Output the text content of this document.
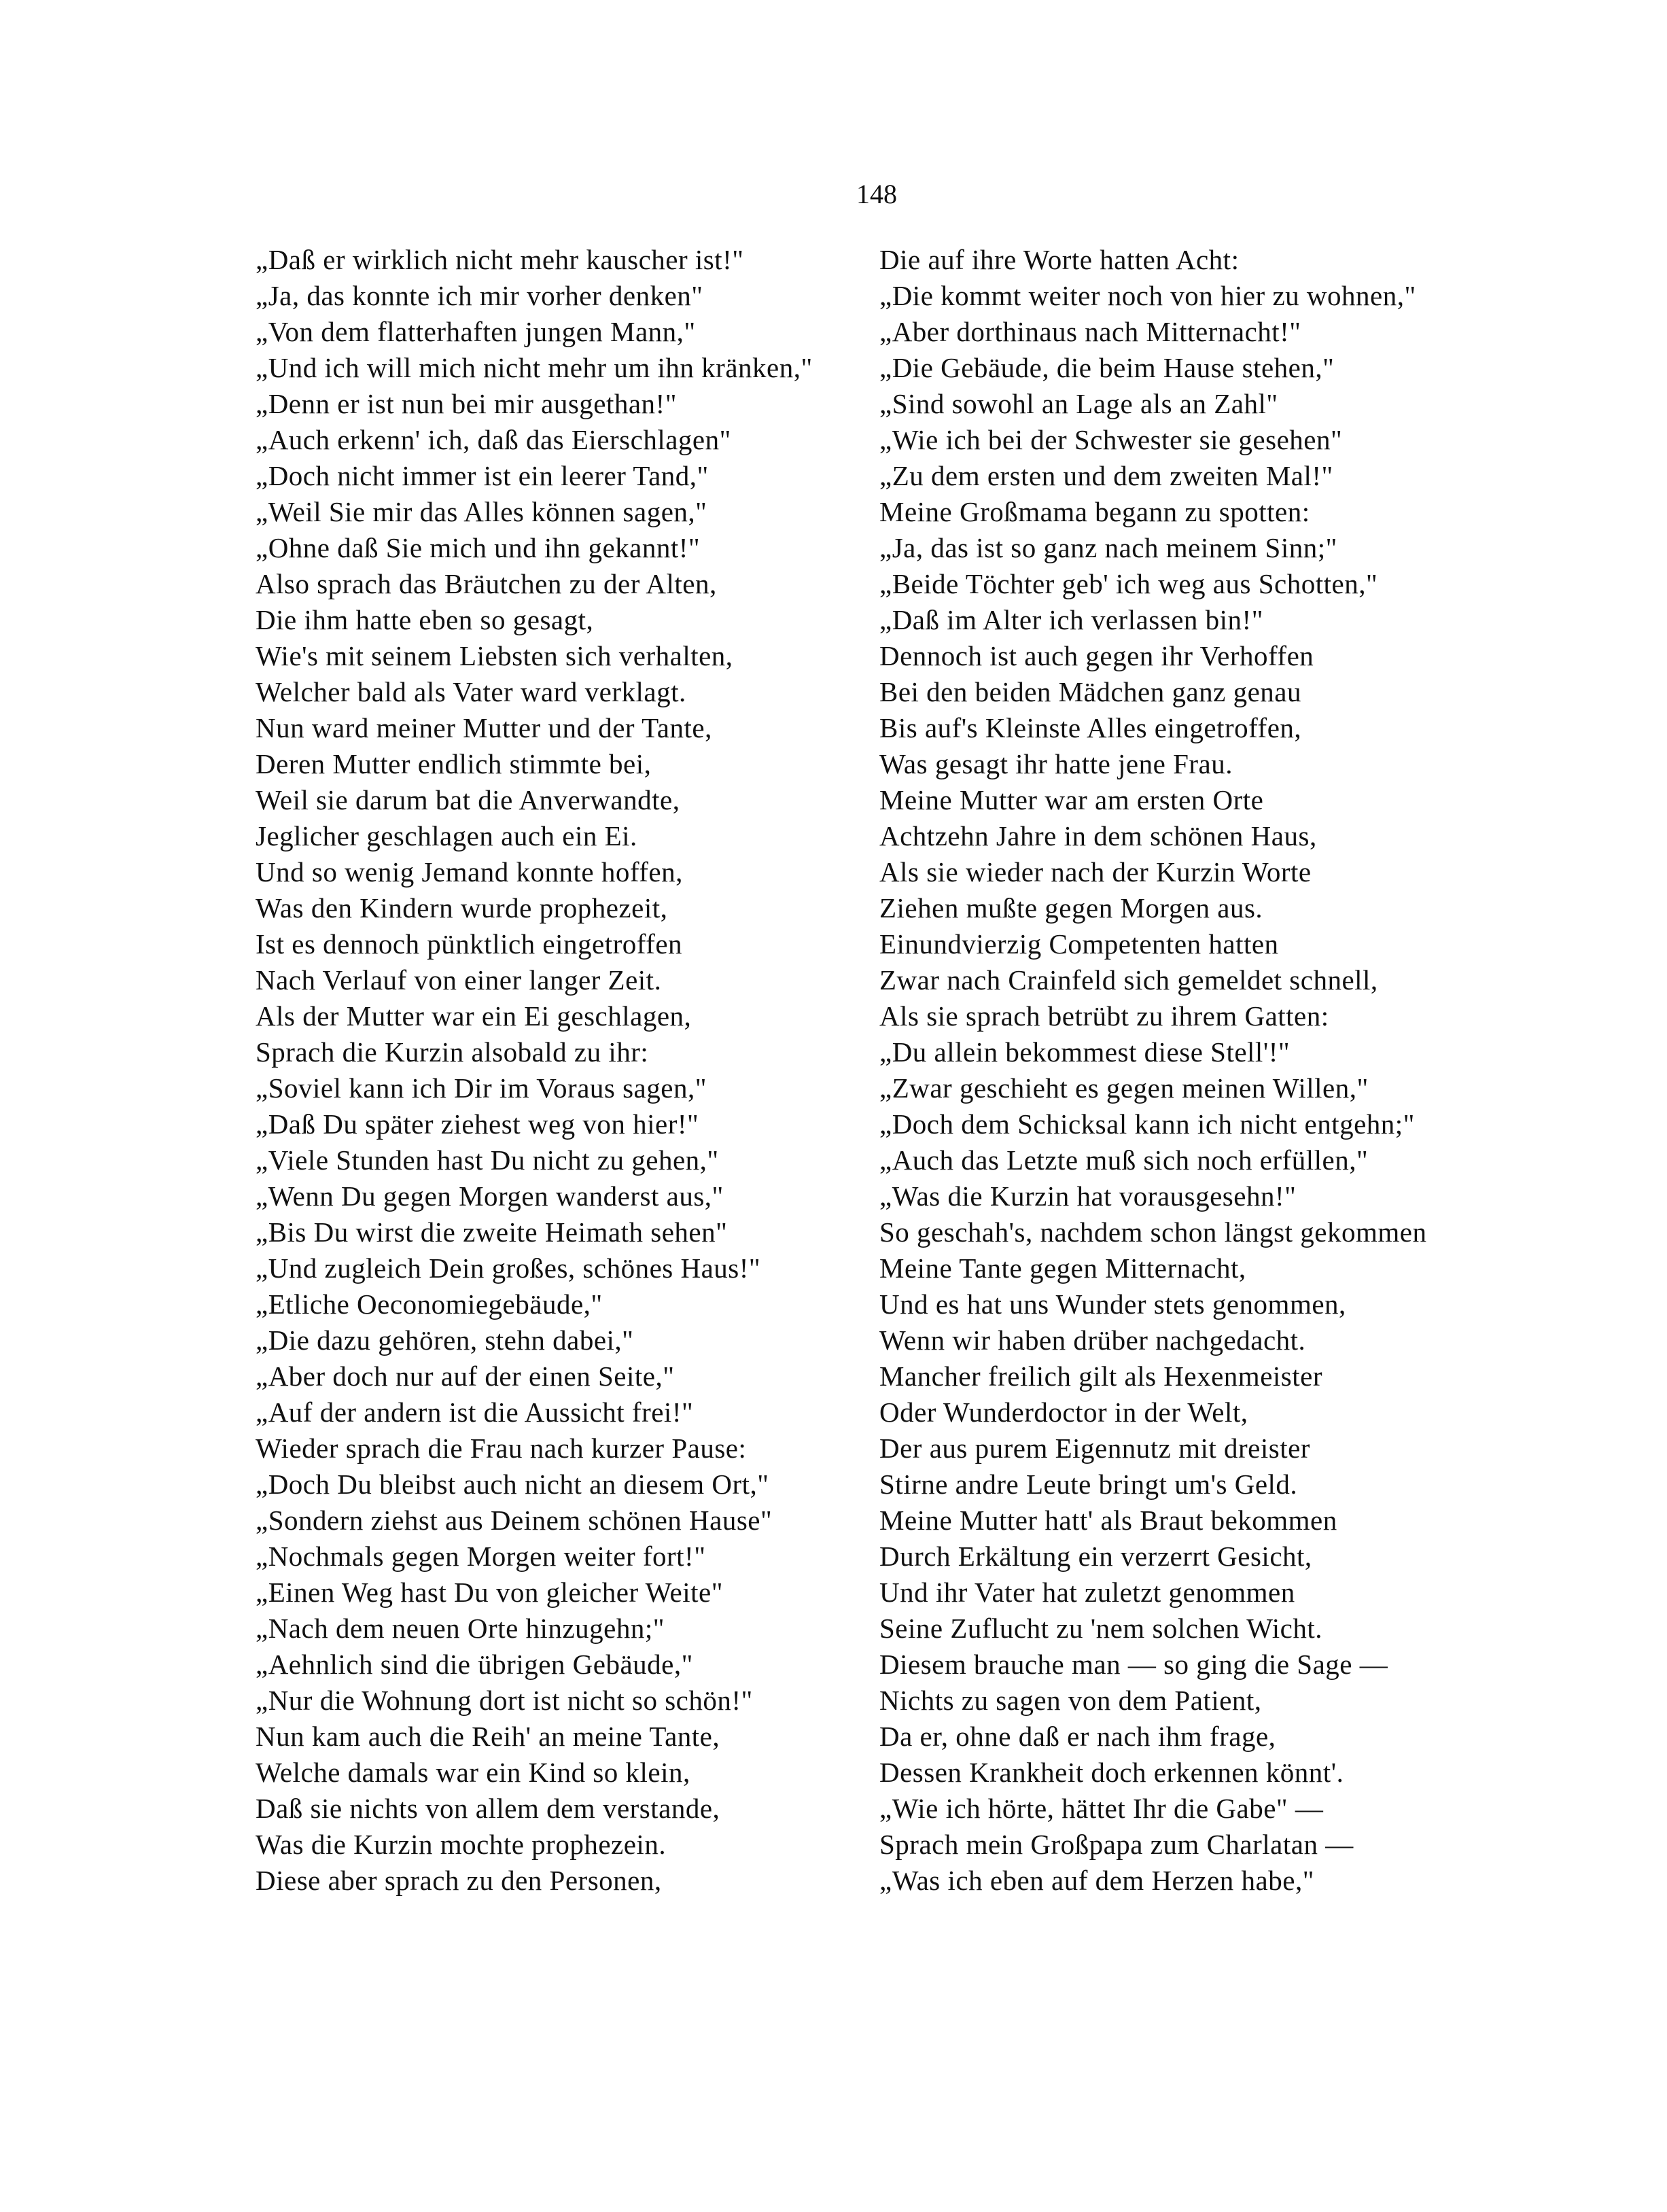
148
„Daß er wirklich nicht mehr kauscher ist!"
„Ja, das konnte ich mir vorher denken"
„Von dem flatterhaften jungen Mann,"
„Und ich will mich nicht mehr um ihn kränken,"
„Denn er ist nun bei mir ausgethan!"
„Auch erkenn' ich, daß das Eierschlagen"
„Doch nicht immer ist ein leerer Tand,"
„Weil Sie mir das Alles können sagen,"
„Ohne daß Sie mich und ihn gekannt!"
Also sprach das Bräutchen zu der Alten,
Die ihm hatte eben so gesagt,
Wie's mit seinem Liebsten sich verhalten,
Welcher bald als Vater ward verklagt.
Nun ward meiner Mutter und der Tante,
Deren Mutter endlich stimmte bei,
Weil sie darum bat die Anverwandte,
Jeglicher geschlagen auch ein Ei.
Und so wenig Jemand konnte hoffen,
Was den Kindern wurde prophezeit,
Ist es dennoch pünktlich eingetroffen
Nach Verlauf von einer langer Zeit.
Als der Mutter war ein Ei geschlagen,
Sprach die Kurzin alsobald zu ihr:
„Soviel kann ich Dir im Voraus sagen,"
„Daß Du später ziehest weg von hier!"
„Viele Stunden hast Du nicht zu gehen,"
„Wenn Du gegen Morgen wanderst aus,"
„Bis Du wirst die zweite Heimath sehen"
„Und zugleich Dein großes, schönes Haus!"
„Etliche Oeconomiegebäude,"
„Die dazu gehören, stehn dabei,"
„Aber doch nur auf der einen Seite,"
„Auf der andern ist die Aussicht frei!"
Wieder sprach die Frau nach kurzer Pause:
„Doch Du bleibst auch nicht an diesem Ort,"
„Sondern ziehst aus Deinem schönen Hause"
„Nochmals gegen Morgen weiter fort!"
„Einen Weg hast Du von gleicher Weite"
„Nach dem neuen Orte hinzugehn;"
„Aehnlich sind die übrigen Gebäude,"
„Nur die Wohnung dort ist nicht so schön!"
Nun kam auch die Reih' an meine Tante,
Welche damals war ein Kind so klein,
Daß sie nichts von allem dem verstande,
Was die Kurzin mochte prophezein.
Diese aber sprach zu den Personen,
Die auf ihre Worte hatten Acht:
„Die kommt weiter noch von hier zu wohnen,"
„Aber dorthinaus nach Mitternacht!"
„Die Gebäude, die beim Hause stehen,"
„Sind sowohl an Lage als an Zahl"
„Wie ich bei der Schwester sie gesehen"
„Zu dem ersten und dem zweiten Mal!"
Meine Großmama begann zu spotten:
„Ja, das ist so ganz nach meinem Sinn;"
„Beide Töchter geb' ich weg aus Schotten,"
„Daß im Alter ich verlassen bin!"
Dennoch ist auch gegen ihr Verhoffen
Bei den beiden Mädchen ganz genau
Bis auf's Kleinste Alles eingetroffen,
Was gesagt ihr hatte jene Frau.
Meine Mutter war am ersten Orte
Achtzehn Jahre in dem schönen Haus,
Als sie wieder nach der Kurzin Worte
Ziehen mußte gegen Morgen aus.
Einundvierzig Competenten hatten
Zwar nach Crainfeld sich gemeldet schnell,
Als sie sprach betrübt zu ihrem Gatten:
„Du allein bekommest diese Stell'!"
„Zwar geschieht es gegen meinen Willen,"
„Doch dem Schicksal kann ich nicht entgehn;"
„Auch das Letzte muß sich noch erfüllen,"
„Was die Kurzin hat vorausgesehn!"
So geschah's, nachdem schon längst gekommen
Meine Tante gegen Mitternacht,
Und es hat uns Wunder stets genommen,
Wenn wir haben drüber nachgedacht.
Mancher freilich gilt als Hexenmeister
Oder Wunderdoctor in der Welt,
Der aus purem Eigennutz mit dreister
Stirne andre Leute bringt um's Geld.
Meine Mutter hatt' als Braut bekommen
Durch Erkältung ein verzerrt Gesicht,
Und ihr Vater hat zuletzt genommen
Seine Zuflucht zu 'nem solchen Wicht.
Diesem brauche man — so ging die Sage —
Nichts zu sagen von dem Patient,
Da er, ohne daß er nach ihm frage,
Dessen Krankheit doch erkennen könnt'.
„Wie ich hörte, hättet Ihr die Gabe" —
Sprach mein Großpapa zum Charlatan —
„Was ich eben auf dem Herzen habe,"
